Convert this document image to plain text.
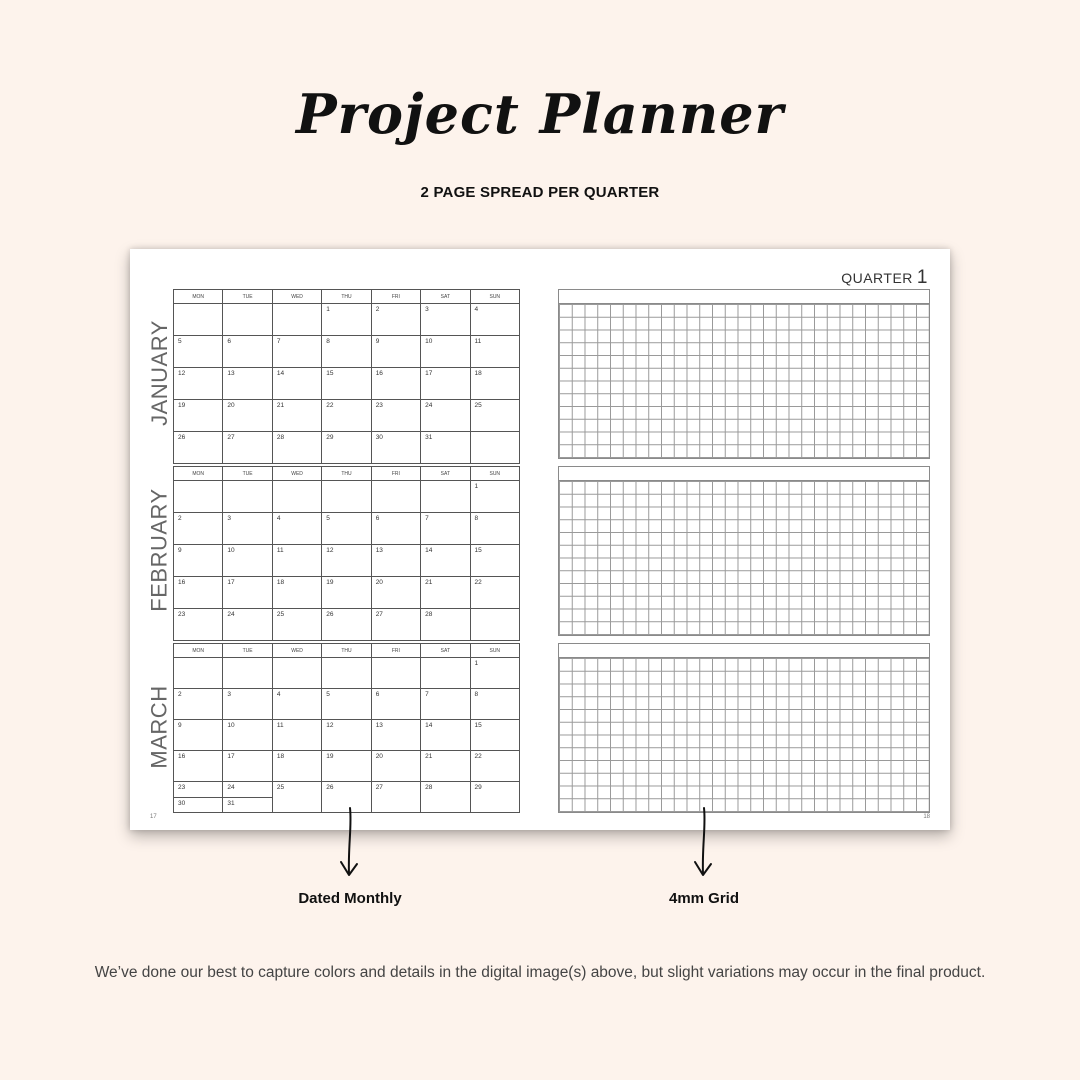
Project Planner
2 PAGE SPREAD PER QUARTER
QUARTER 1
JANUARY
MON	TUE	WED	THU	FRI	SAT	SUN
			1	2	3	4
5	6	7	8	9	10	11
12	13	14	15	16	17	18
19	20	21	22	23	24	25
26	27	28	29	30	31	
FEBRUARY
MON	TUE	WED	THU	FRI	SAT	SUN
						1
2	3	4	5	6	7	8
9	10	11	12	13	14	15
16	17	18	19	20	21	22
23	24	25	26	27	28	
MARCH
MON	TUE	WED	THU	FRI	SAT	SUN
						1
2	3	4	5	6	7	8
9	10	11	12	13	14	15
16	17	18	19	20	21	22
23	24	25	26	27	28	29
30	31					
17	18
Dated Monthly	4mm Grid
We’ve done our best to capture colors and details in the digital image(s) above, but slight variations may occur in the final product.
